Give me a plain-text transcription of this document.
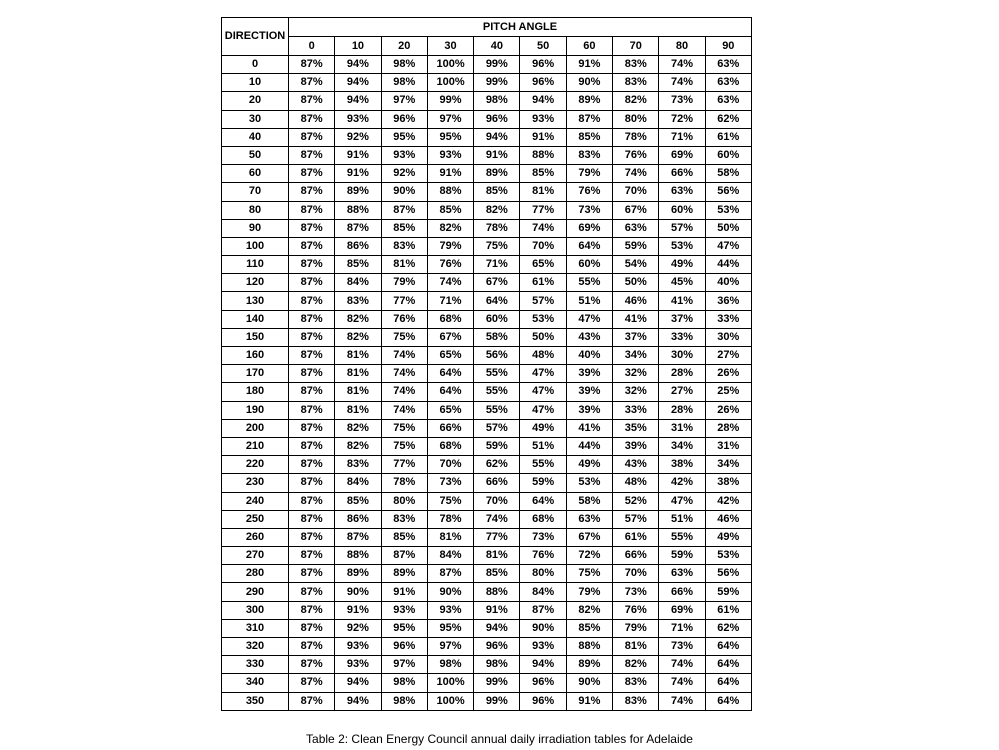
DIRECTION	PITCH ANGLE									
	0	10	20	30	40	50	60	70	80	90
0	87%	94%	98%	100%	99%	96%	91%	83%	74%	63%
10	87%	94%	98%	100%	99%	96%	90%	83%	74%	63%
20	87%	94%	97%	99%	98%	94%	89%	82%	73%	63%
30	87%	93%	96%	97%	96%	93%	87%	80%	72%	62%
40	87%	92%	95%	95%	94%	91%	85%	78%	71%	61%
50	87%	91%	93%	93%	91%	88%	83%	76%	69%	60%
60	87%	91%	92%	91%	89%	85%	79%	74%	66%	58%
70	87%	89%	90%	88%	85%	81%	76%	70%	63%	56%
80	87%	88%	87%	85%	82%	77%	73%	67%	60%	53%
90	87%	87%	85%	82%	78%	74%	69%	63%	57%	50%
100	87%	86%	83%	79%	75%	70%	64%	59%	53%	47%
110	87%	85%	81%	76%	71%	65%	60%	54%	49%	44%
120	87%	84%	79%	74%	67%	61%	55%	50%	45%	40%
130	87%	83%	77%	71%	64%	57%	51%	46%	41%	36%
140	87%	82%	76%	68%	60%	53%	47%	41%	37%	33%
150	87%	82%	75%	67%	58%	50%	43%	37%	33%	30%
160	87%	81%	74%	65%	56%	48%	40%	34%	30%	27%
170	87%	81%	74%	64%	55%	47%	39%	32%	28%	26%
180	87%	81%	74%	64%	55%	47%	39%	32%	27%	25%
190	87%	81%	74%	65%	55%	47%	39%	33%	28%	26%
200	87%	82%	75%	66%	57%	49%	41%	35%	31%	28%
210	87%	82%	75%	68%	59%	51%	44%	39%	34%	31%
220	87%	83%	77%	70%	62%	55%	49%	43%	38%	34%
230	87%	84%	78%	73%	66%	59%	53%	48%	42%	38%
240	87%	85%	80%	75%	70%	64%	58%	52%	47%	42%
250	87%	86%	83%	78%	74%	68%	63%	57%	51%	46%
260	87%	87%	85%	81%	77%	73%	67%	61%	55%	49%
270	87%	88%	87%	84%	81%	76%	72%	66%	59%	53%
280	87%	89%	89%	87%	85%	80%	75%	70%	63%	56%
290	87%	90%	91%	90%	88%	84%	79%	73%	66%	59%
300	87%	91%	93%	93%	91%	87%	82%	76%	69%	61%
310	87%	92%	95%	95%	94%	90%	85%	79%	71%	62%
320	87%	93%	96%	97%	96%	93%	88%	81%	73%	64%
330	87%	93%	97%	98%	98%	94%	89%	82%	74%	64%
340	87%	94%	98%	100%	99%	96%	90%	83%	74%	64%
350	87%	94%	98%	100%	99%	96%	91%	83%	74%	64%
Table 2: Clean Energy Council annual daily irradiation tables for Adelaide
